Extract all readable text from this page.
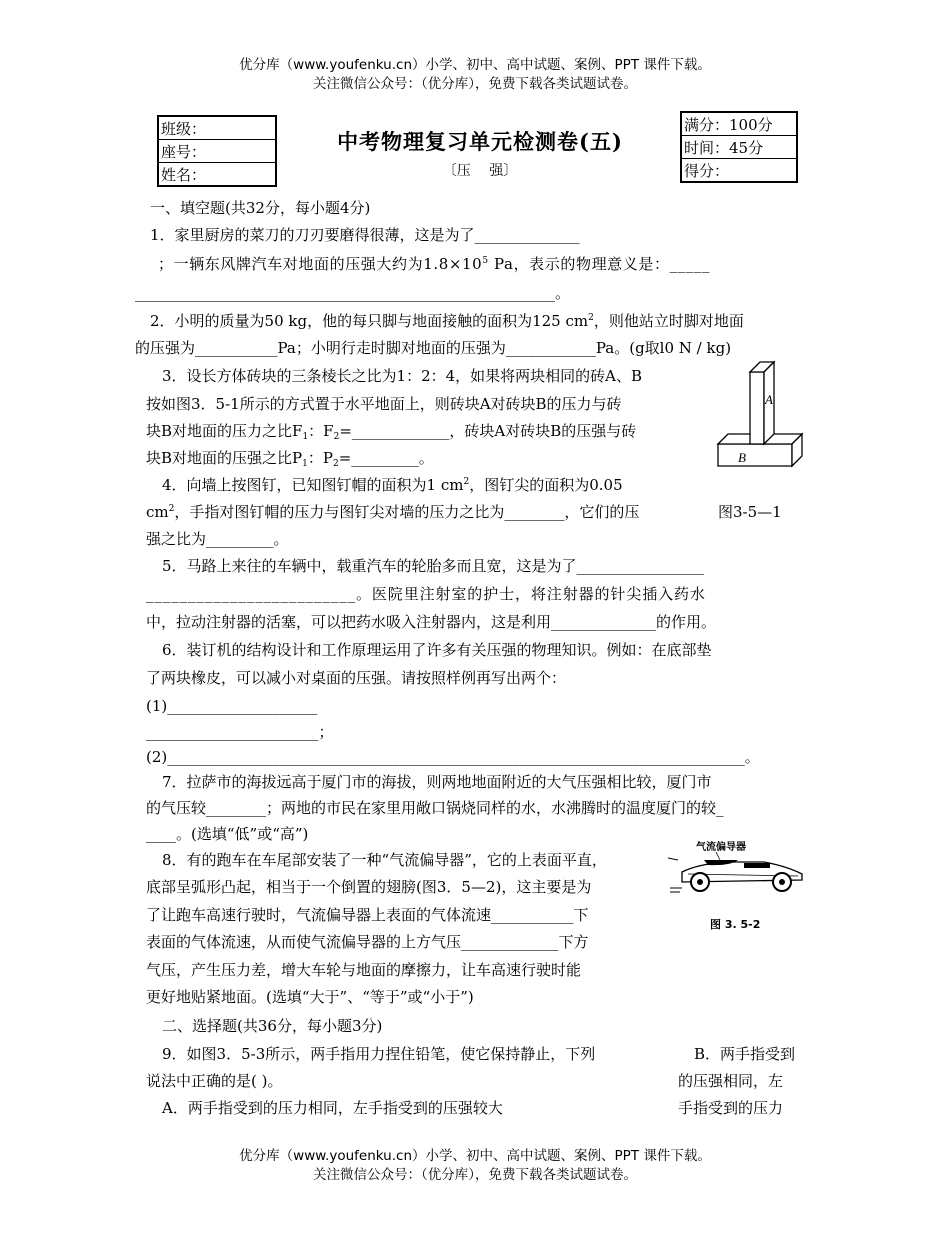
优分库（www.youfenku.cn）小学、初中、高中试题、案例、PPT 课件下载。
关注微信公众号：（优分库），免费下载各类试题试卷。
班级：
座号：
姓名：
中考物理复习单元检测卷(五)
〔压　 强〕
满分：100分
时间：45分
得分：
一、填空题(共32分，每小题4分)
1．家里厨房的菜刀的刀刃要磨得很薄，这是为了______________
；一辆东风牌汽车对地面的压强大约为$1.8\times 10^5$ Pa，表示的物理意义是：_____
________________________________________________________。
2．小明的质量为50 kg，他的每只脚与地面接触的面积为125 $cm^2$，则他站立时脚对地面
的压强为___________Pa；小明行走时脚对地面的压强为____________Pa。(g取l0 N / kg)
3．设长方体砖块的三条棱长之比为1：2：4，如果将两块相同的砖A、B
按如图3．5-1所示的方式置于水平地面上，则砖块A对砖块B的压力与砖
块B对地面的压力之比$F_1$：$F_2=\_\_\_\_\_\_\_\_\_\_\_\_\_$，砖块A对砖块B的压强与砖
块B对地面的压强之比$P_1$：$P_2=\_\_\_\_\_\_\_\_\_$。
A
B
4．向墙上按图钉，已知图钉帽的面积为1 $cm^2$，图钉尖的面积为0.05
$cm^2$，手指对图钉帽的压力与图钉尖对墙的压力之比为________，它们的压	图3-5—1
强之比为_________。
5．马路上来往的车辆中，载重汽车的轮胎多而且宽，这是为了_________________
_________________________。医院里注射室的护士，将注射器的针尖插入药水
中，拉动注射器的活塞，可以把药水吸入注射器内，这是利用______________的作用。
6．装订机的结构设计和工作原理运用了许多有关压强的物理知识。例如：在底部垫
了两块橡皮，可以减小对桌面的压强。请按照样例再写出两个：
(1)____________________
_______________________；
(2)_____________________________________________________________________________。
7．拉萨市的海拔远高于厦门市的海拔，则两地地面附近的大气压强相比较，厦门市
的气压较________；两地的市民在家里用敞口锅烧同样的水，水沸腾时的温度厦门的较_
____。(选填“低”或“高”)
8．有的跑车在车尾部安装了一种“气流偏导器”，它的上表面平直，
底部呈弧形凸起，相当于一个倒置的翅膀(图3．5—2)，这主要是为
了让跑车高速行驶时，气流偏导器上表面的气体流速___________下
表面的气体流速，从而使气流偏导器的上方气压_____________下方
气压，产生压力差，增大车轮与地面的摩擦力，让车高速行驶时能
更好地贴紧地面。(选填“大于”、“等于”或“小于”)
气流偏导器
图 3. 5-2
二、选择题(共36分，每小题3分)
9．如图3．5-3所示，两手指用力捏住铅笔，使它保持静止，下列
说法中正确的是( )。
A．两手指受到的压力相同，左手指受到的压强较大
B．两手指受到
的压强相同，左
手指受到的压力
优分库（www.youfenku.cn）小学、初中、高中试题、案例、PPT 课件下载。
关注微信公众号：（优分库），免费下载各类试题试卷。
